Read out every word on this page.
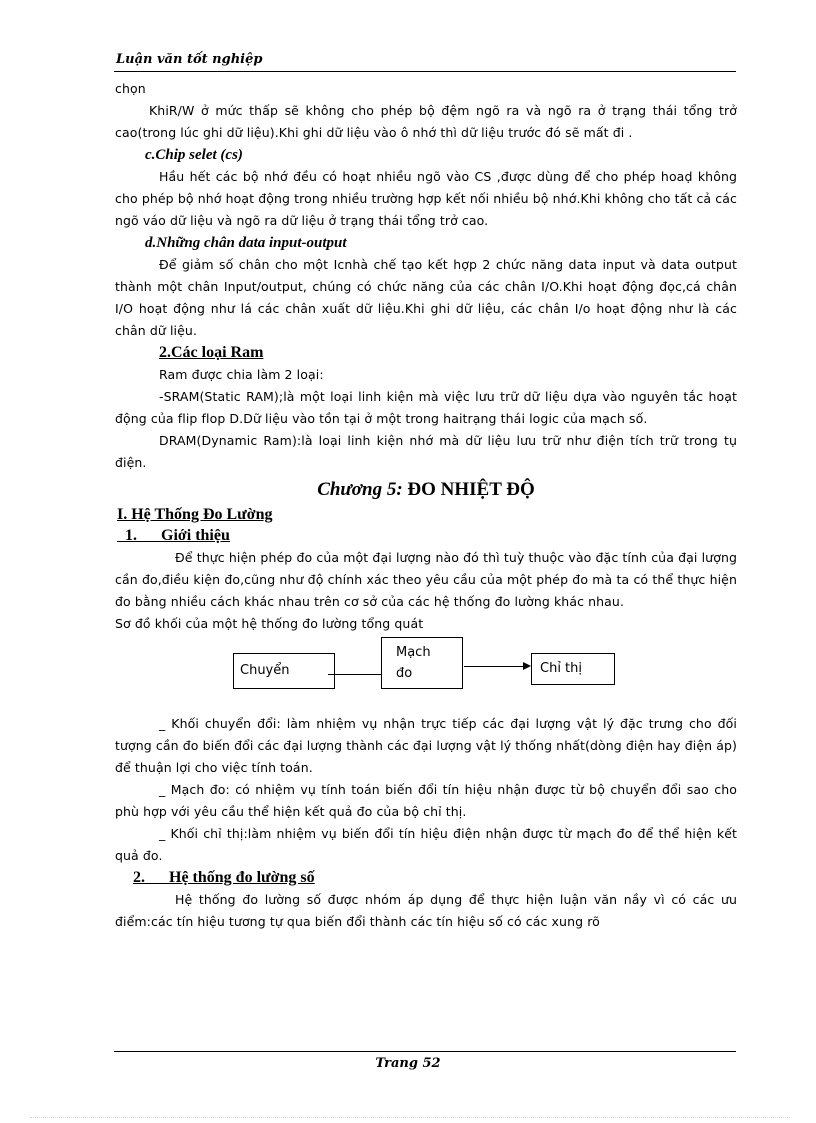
Luận văn tốt nghiệp

chọn

KhiR/W ở mức thấp sẽ không cho phép bộ đệm ngõ ra và ngõ ra ở trạng thái tổng trở cao(trong lúc ghi dữ liệu).Khi ghi dữ liệu vào ô nhớ thì dữ liệu trước đó sẽ mất đi .

c.Chip selet (cs)

Hầu hết các bộ nhớ đều có hoạt nhiều ngõ vào CS ,được dùng để cho phép hoaḍ không cho phép bộ nhớ hoạt động trong nhiều trường hợp kết nối nhiều bộ nhớ.Khi không cho tất cả các ngõ váo dữ liệu và ngõ ra dữ liệu ở trạng thái tổng trở cao.

d.Những chân data input-output

Để giảm số chân cho một Icnhà chế tạo kết hợp 2 chức năng data input và data output thành một chân Input/output, chúng có chức năng của các chân I/O.Khi hoạt động đọc,cá chân I/O hoạt động như lá các chân xuất dữ liệu.Khi ghi dữ liệu, các chân I/o hoạt động như là các chân dữ liệu.

2.Các loại Ram

Ram được chia làm 2 loại:

-SRAM(Static RAM);là một loại linh kiện mà việc lưu trữ dữ liệu dựa vào nguyên tắc hoạt động của flip flop D.Dữ liệu vào tồn tại ở một trong haitrạng thái logic của mạch số.

DRAM(Dynamic Ram):là loại linh kiện nhớ mà dữ liệu lưu trữ như điện tích trữ trong tụ điện.

Chương 5: ĐO NHIỆT ĐỘ

I. Hệ Thống Đo Lường

1. Giới thiệu

Để thực hiện phép đo của một đại lượng nào đó thì tuỳ thuộc vào đặc tính của đại lượng cần đo,điều kiện đo,cũng như độ chính xác theo yêu cầu của một phép đo mà ta có thể thực hiện đo bằng nhiều cách khác nhau trên cơ sở của các hệ thống đo lường khác nhau.

Sơ đồ khối của một hệ thống đo lường tổng quát

Chuyển
Mạch
đo	Chỉ thị

_ Khối chuyển đổi: làm nhiệm vụ nhận trực tiếp các đại lượng vật lý đặc trưng cho đối tượng cần đo biến đổi các đại lượng thành các đại lượng vật lý thống nhất(dòng điện hay điện áp) để thuận lợi cho việc tính toán.

_ Mạch đo: có nhiệm vụ tính toán biến đổi tín hiệu nhận được từ bộ chuyển đổi sao cho phù hợp với yêu cầu thể hiện kết quả đo của bộ chỉ thị.

_ Khối chỉ thị:làm nhiệm vụ biến đổi tín hiệu điện nhận được từ mạch đo để thể hiện kết quả đo.

2. Hệ thống đo lường số

Hệ thống đo lường số được nhóm áp dụng để thực hiện luận văn nầy vì có các ưu điểm:các tín hiệu tương tự qua biến đổi thành các tín hiệu số có các xung rõ

Trang 52
